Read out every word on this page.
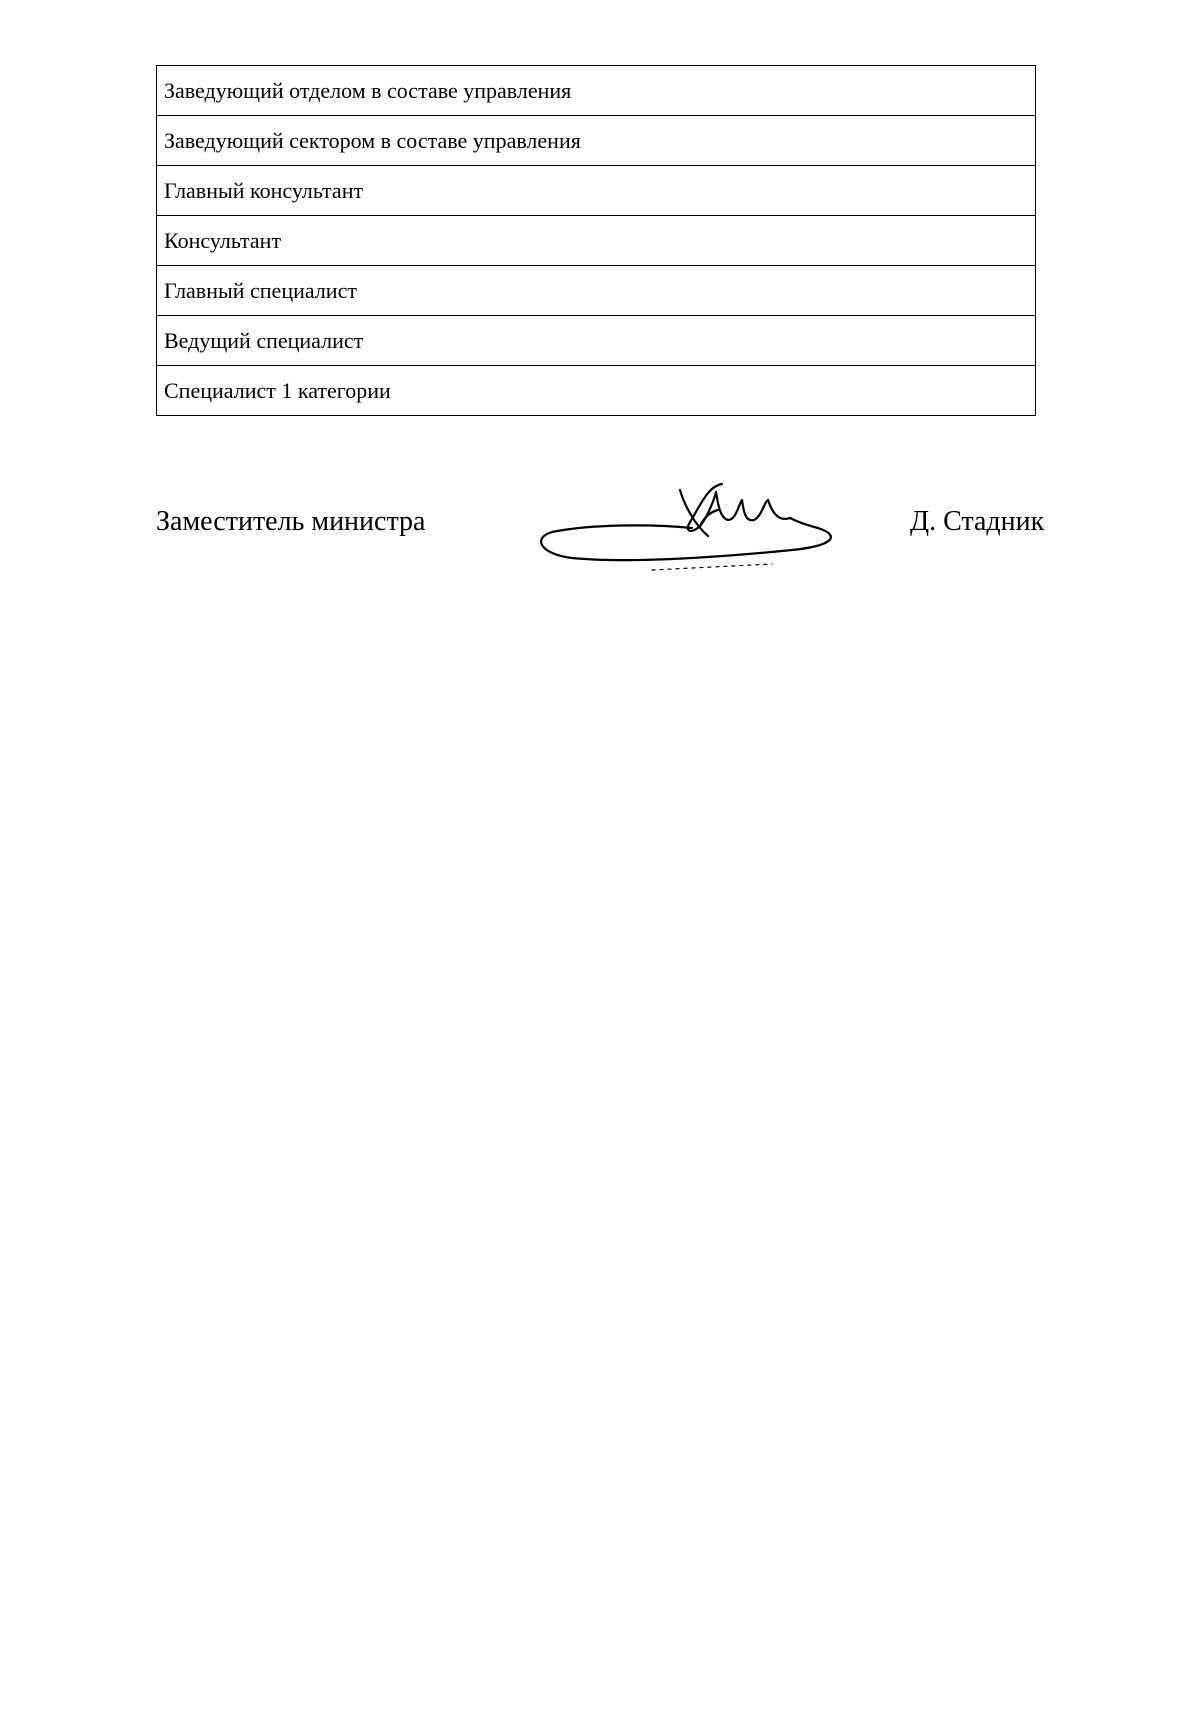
Заведующий отделом в составе управления
Заведующий сектором в составе управления
Главный консультант
Консультант
Главный специалист
Ведущий специалист
Специалист 1 категории
Заместитель министра	Д. Стадник
